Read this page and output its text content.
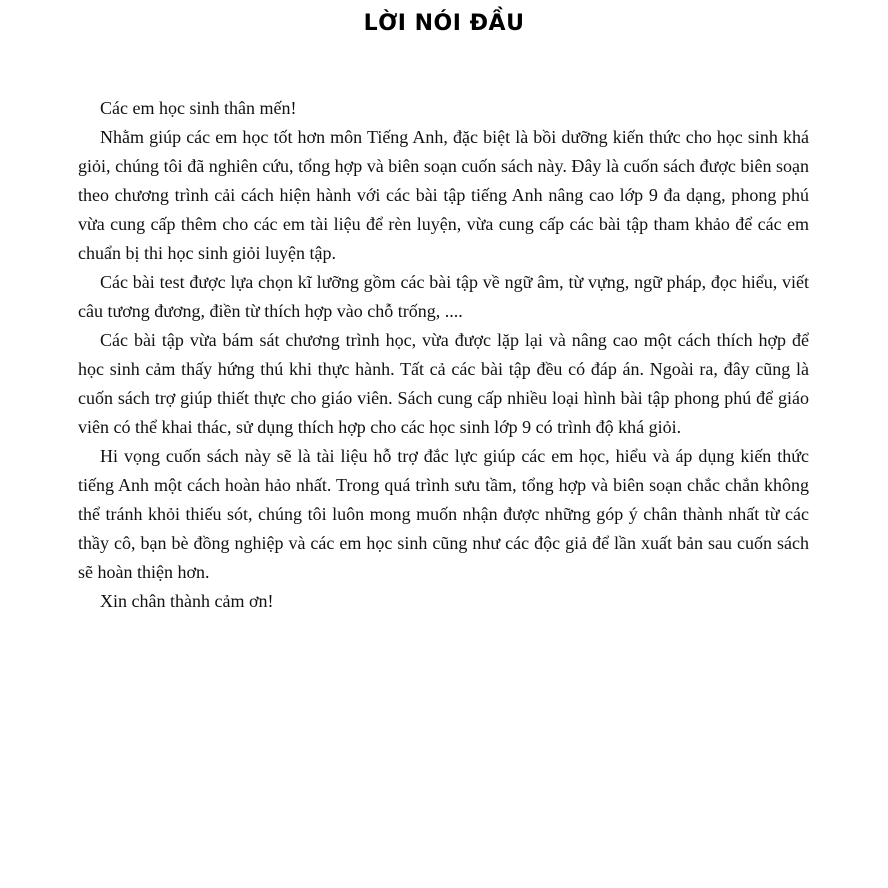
LỜI NÓI ĐẦU

Các em học sinh thân mến!

Nhằm giúp các em học tốt hơn môn Tiếng Anh, đặc biệt là bồi dưỡng kiến thức cho học sinh khá giỏi, chúng tôi đã nghiên cứu, tổng hợp và biên soạn cuốn sách này. Đây là cuốn sách được biên soạn theo chương trình cải cách hiện hành với các bài tập tiếng Anh nâng cao lớp 9 đa dạng, phong phú vừa cung cấp thêm cho các em tài liệu để rèn luyện, vừa cung cấp các bài tập tham khảo để các em chuẩn bị thi học sinh giỏi luyện tập.

Các bài test được lựa chọn kĩ lưỡng gồm các bài tập về ngữ âm, từ vựng, ngữ pháp, đọc hiểu, viết câu tương đương, điền từ thích hợp vào chỗ trống, ....

Các bài tập vừa bám sát chương trình học, vừa được lặp lại và nâng cao một cách thích hợp để học sinh cảm thấy hứng thú khi thực hành. Tất cả các bài tập đều có đáp án. Ngoài ra, đây cũng là cuốn sách trợ giúp thiết thực cho giáo viên. Sách cung cấp nhiều loại hình bài tập phong phú để giáo viên có thể khai thác, sử dụng thích hợp cho các học sinh lớp 9 có trình độ khá giỏi.

Hi vọng cuốn sách này sẽ là tài liệu hỗ trợ đắc lực giúp các em học, hiểu và áp dụng kiến thức tiếng Anh một cách hoàn hảo nhất. Trong quá trình sưu tầm, tổng hợp và biên soạn chắc chắn không thể tránh khỏi thiếu sót, chúng tôi luôn mong muốn nhận được những góp ý chân thành nhất từ các thầy cô, bạn bè đồng nghiệp và các em học sinh cũng như các độc giả để lần xuất bản sau cuốn sách sẽ hoàn thiện hơn.

Xin chân thành cảm ơn!
